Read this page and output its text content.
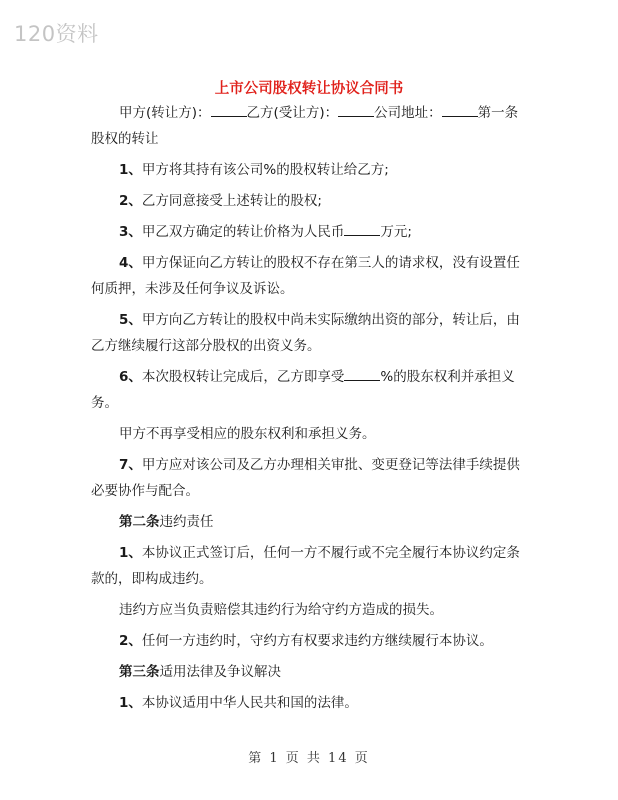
120资料
上市公司股权转让协议合同书

甲方(转让方)：	乙方(受让方)：	公司地址：	第一条股权的转让

1、甲方将其持有该公司%的股权转让给乙方;

2、乙方同意接受上述转让的股权;

3、甲乙双方确定的转让价格为人民币	万元;

4、甲方保证向乙方转让的股权不存在第三人的请求权，没有设置任何质押，未涉及任何争议及诉讼。

5、甲方向乙方转让的股权中尚未实际缴纳出资的部分，转让后，由乙方继续履行这部分股权的出资义务。

6、本次股权转让完成后，乙方即享受	%的股东权利并承担义务。

甲方不再享受相应的股东权利和承担义务。

7、甲方应对该公司及乙方办理相关审批、变更登记等法律手续提供必要协作与配合。

第二条违约责任

1、本协议正式签订后，任何一方不履行或不完全履行本协议约定条款的，即构成违约。

违约方应当负责赔偿其违约行为给守约方造成的损失。

2、任何一方违约时，守约方有权要求违约方继续履行本协议。

第三条适用法律及争议解决

1、本协议适用中华人民共和国的法律。

第 1 页 共 14 页
